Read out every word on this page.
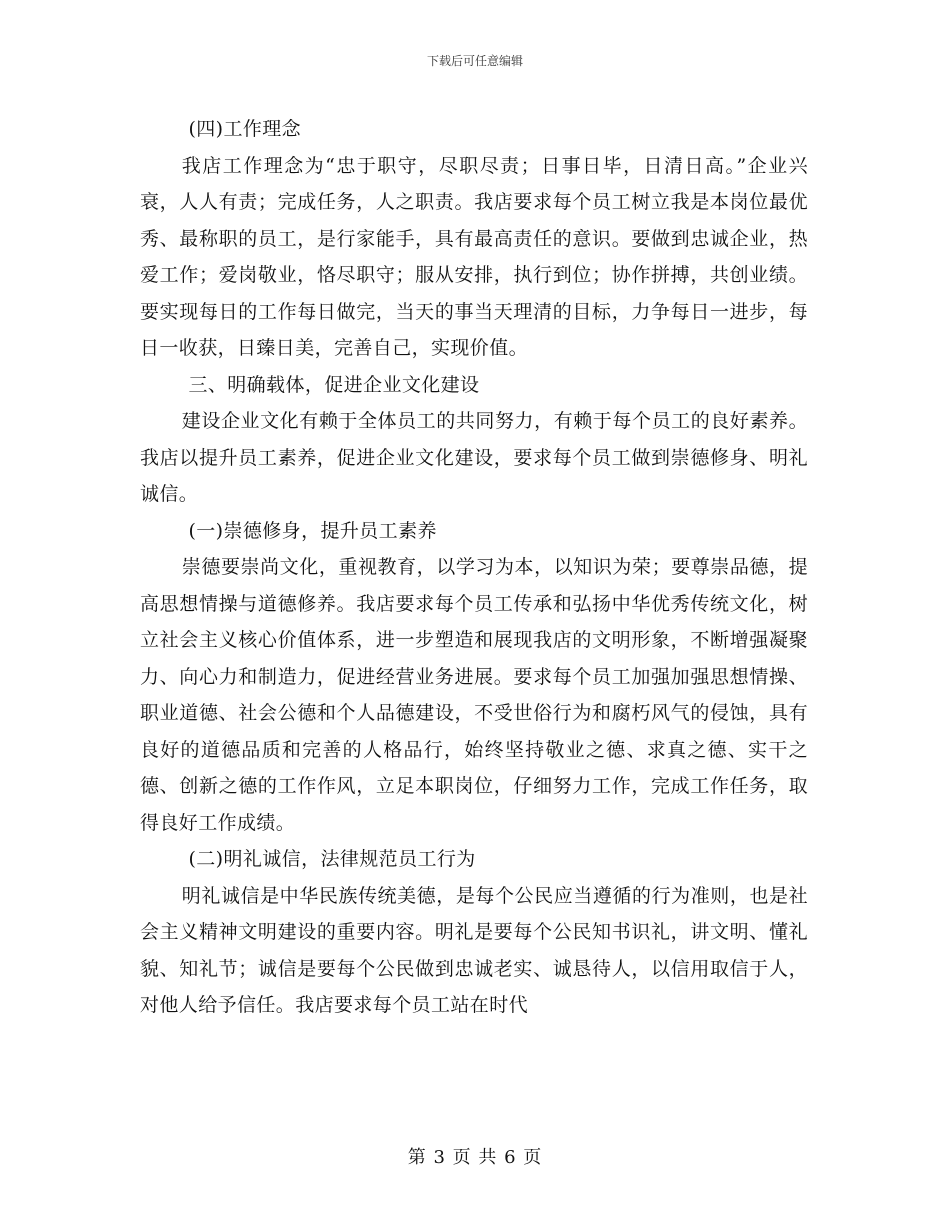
下载后可任意编辑

(四)工作理念

我店工作理念为“忠于职守，尽职尽责；日事日毕，日清日高。”企业兴衰，人人有责；完成任务，人之职责。我店要求每个员工树立我是本岗位最优秀、最称职的员工，是行家能手，具有最高责任的意识。要做到忠诚企业，热爱工作；爱岗敬业，恪尽职守；服从安排，执行到位；协作拼搏，共创业绩。要实现每日的工作每日做完，当天的事当天理清的目标，力争每日一进步，每日一收获，日臻日美，完善自己，实现价值。

三、明确载体，促进企业文化建设

建设企业文化有赖于全体员工的共同努力，有赖于每个员工的良好素养。我店以提升员工素养，促进企业文化建设，要求每个员工做到崇德修身、明礼诚信。

(一)崇德修身，提升员工素养

崇德要崇尚文化，重视教育，以学习为本，以知识为荣；要尊崇品德，提高思想情操与道德修养。我店要求每个员工传承和弘扬中华优秀传统文化，树立社会主义核心价值体系，进一步塑造和展现我店的文明形象，不断增强凝聚力、向心力和制造力，促进经营业务进展。要求每个员工加强加强思想情操、职业道德、社会公德和个人品德建设，不受世俗行为和腐朽风气的侵蚀，具有良好的道德品质和完善的人格品行，始终坚持敬业之德、求真之德、实干之德、创新之德的工作作风，立足本职岗位，仔细努力工作，完成工作任务，取得良好工作成绩。

(二)明礼诚信，法律规范员工行为

明礼诚信是中华民族传统美德，是每个公民应当遵循的行为准则，也是社会主义精神文明建设的重要内容。明礼是要每个公民知书识礼，讲文明、懂礼貌、知礼节；诚信是要每个公民做到忠诚老实、诚恳待人，以信用取信于人，对他人给予信任。我店要求每个员工站在时代

第 3 页 共 6 页
